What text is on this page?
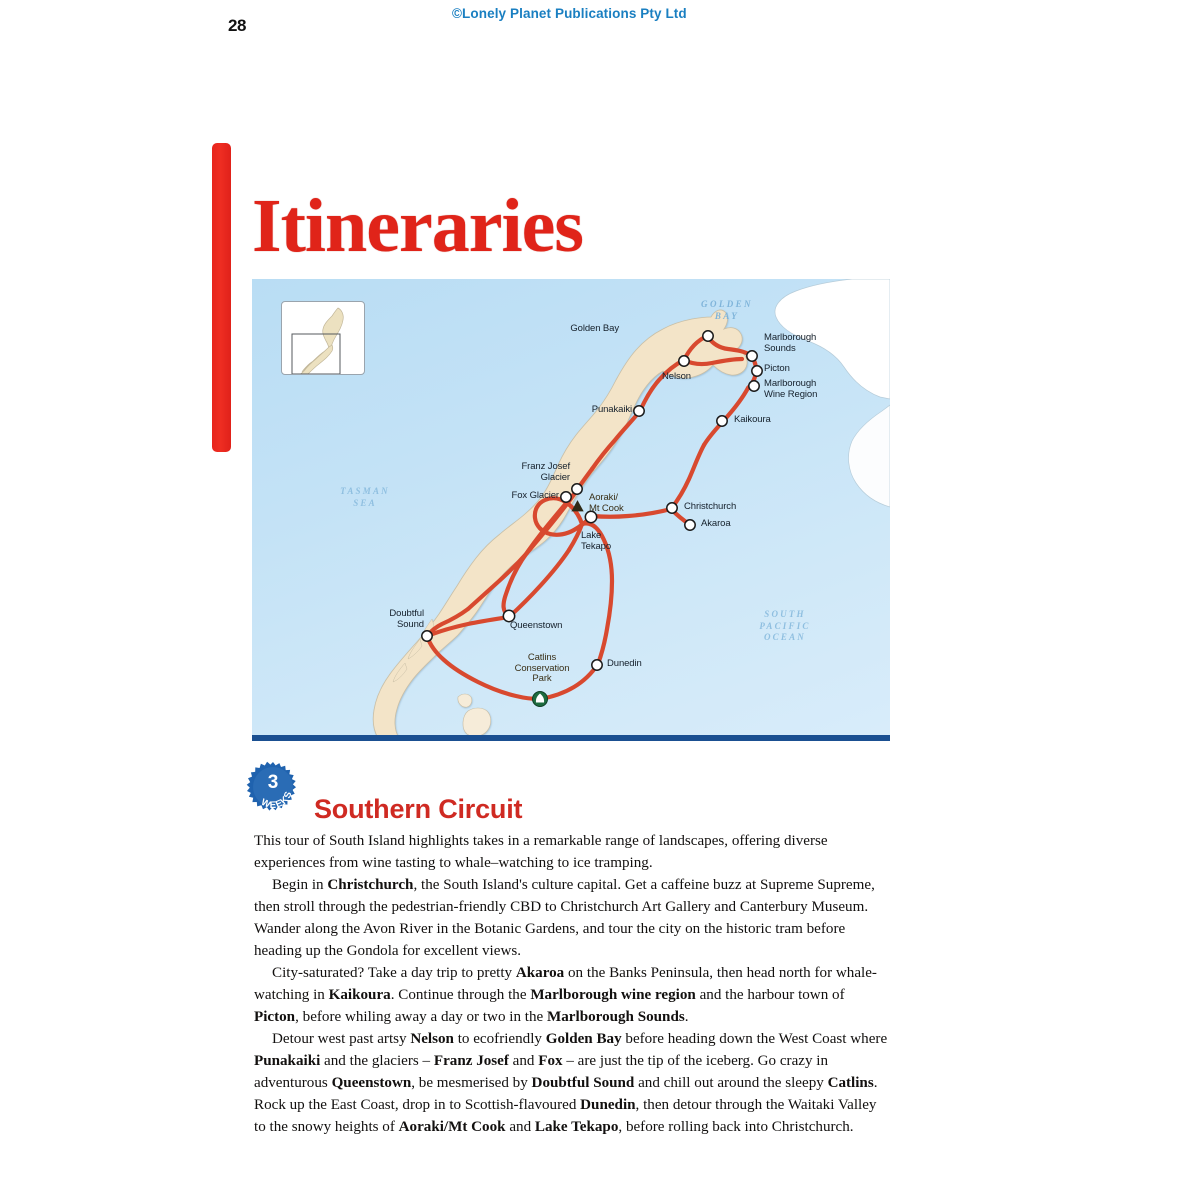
28
©Lonely Planet Publications Pty Ltd
Itineraries
TASMAN
SEA
SOUTH
PACIFIC
OCEAN
GOLDEN
BAY
Golden Bay
Marlborough
Sounds
Picton
Marlborough
Wine Region
Nelson
Punakaiki
Kaikoura
Franz Josef
Glacier
Fox Glacier	Aoraki/
Mt Cook	Christchurch
Akaroa
Lake
Tekapo
Doubtful
Sound	Queenstown
Dunedin
Catlins
Conservation
Park
3
WEEKS Southern Circuit

This tour of South Island highlights takes in a remarkable range of landscapes, offering diverse experiences from wine tasting to whale–watching to ice tramping.

Begin in Christchurch, the South Island's culture capital. Get a caffeine buzz at Supreme Supreme, then stroll through the pedestrian-friendly CBD to Christchurch Art Gallery and Canterbury Museum. Wander along the Avon River in the Botanic Gardens, and tour the city on the historic tram before heading up the Gondola for excellent views.

City-saturated? Take a day trip to pretty Akaroa on the Banks Peninsula, then head north for whale-watching in Kaikoura. Continue through the Marlborough wine region and the harbour town of Picton, before whiling away a day or two in the Marlborough Sounds.

Detour west past artsy Nelson to ecofriendly Golden Bay before heading down the West Coast where Punakaiki and the glaciers – Franz Josef and Fox – are just the tip of the iceberg. Go crazy in adventurous Queenstown, be mesmerised by Doubtful Sound and chill out around the sleepy Catlins. Rock up the East Coast, drop in to Scottish-flavoured Dunedin, then detour through the Waitaki Valley to the snowy heights of Aoraki/Mt Cook and Lake Tekapo, before rolling back into Christchurch.
